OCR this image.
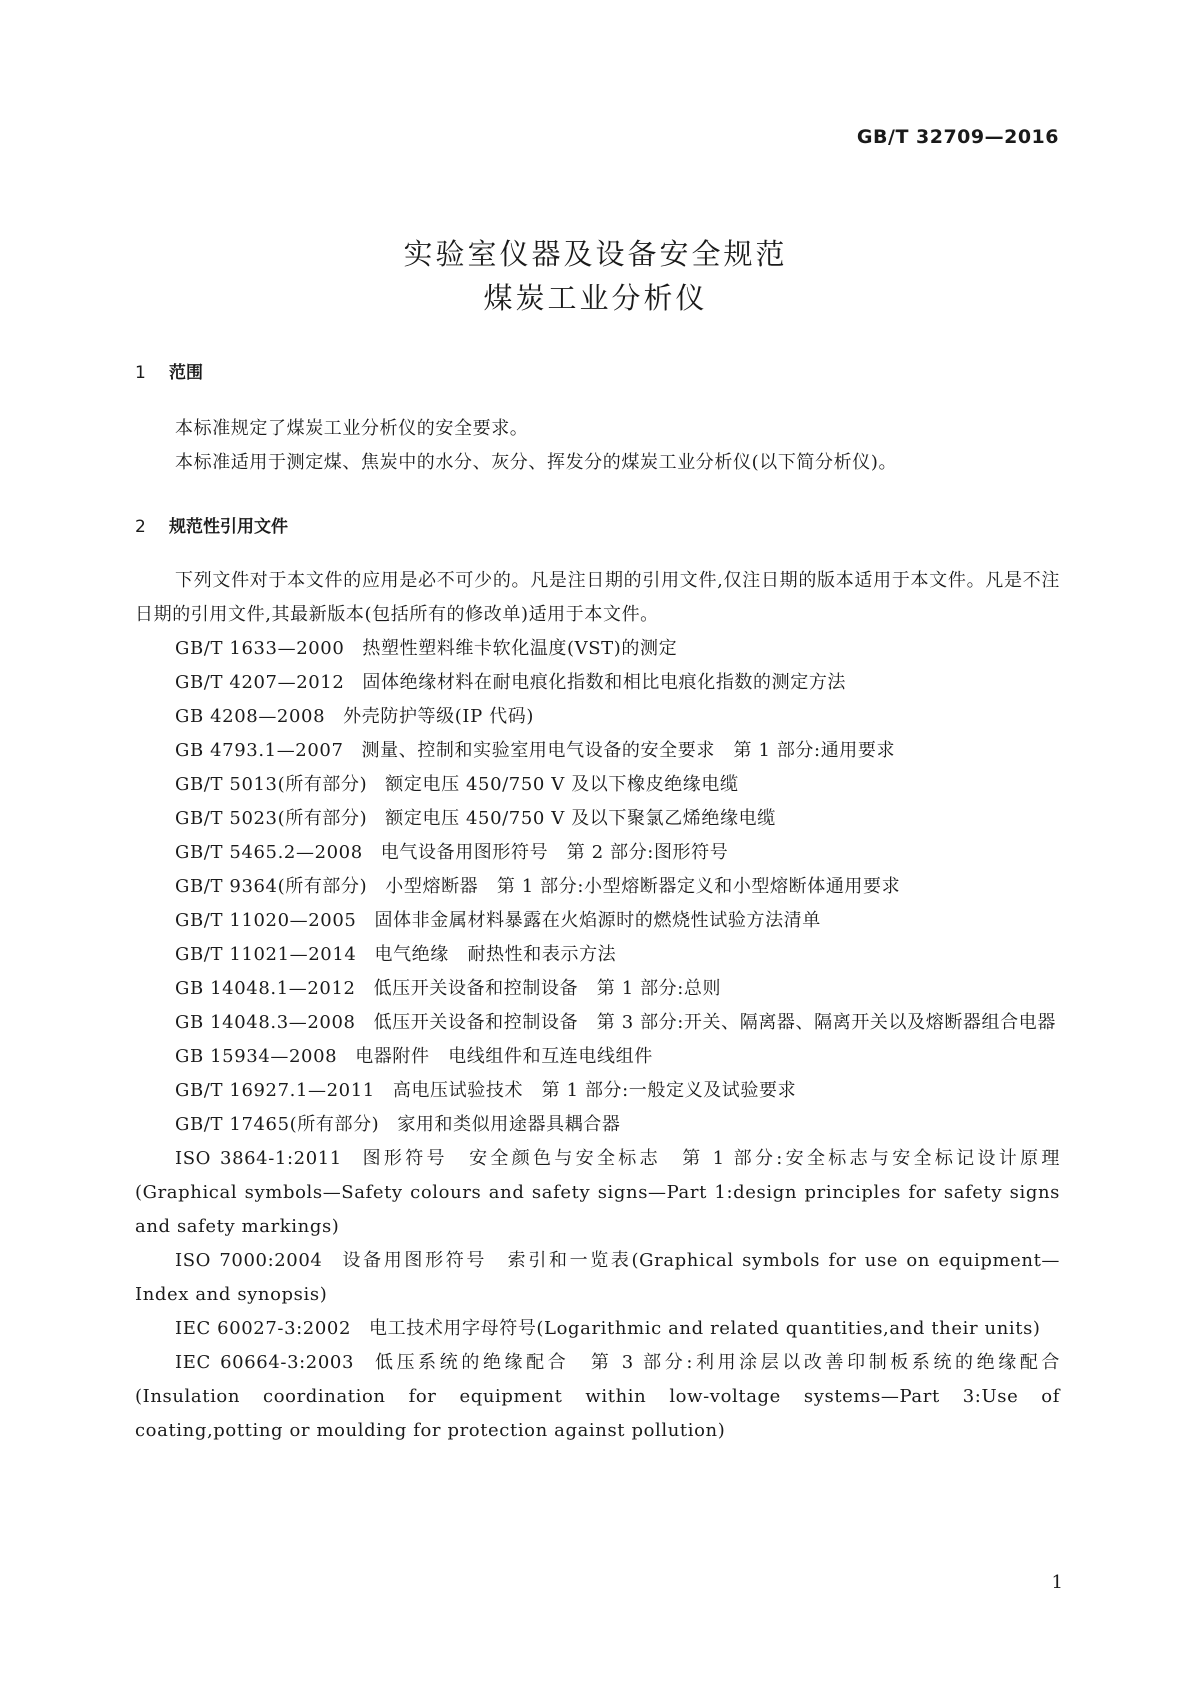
GB/T 32709—2016
实验室仪器及设备安全规范
煤炭工业分析仪
1 范围

本标准规定了煤炭工业分析仪的安全要求。

本标准适用于测定煤、焦炭中的水分、灰分、挥发分的煤炭工业分析仪(以下简分析仪)。

2 规范性引用文件

下列文件对于本文件的应用是必不可少的。凡是注日期的引用文件,仅注日期的版本适用于本文件。凡是不注日期的引用文件,其最新版本(包括所有的修改单)适用于本文件。

GB/T 1633—2000 热塑性塑料维卡软化温度(VST)的测定

GB/T 4207—2012 固体绝缘材料在耐电痕化指数和相比电痕化指数的测定方法

GB 4208—2008 外壳防护等级(IP 代码)

GB 4793.1—2007 测量、控制和实验室用电气设备的安全要求　第 1 部分:通用要求

GB/T 5013(所有部分) 额定电压 450/750 V 及以下橡皮绝缘电缆

GB/T 5023(所有部分) 额定电压 450/750 V 及以下聚氯乙烯绝缘电缆

GB/T 5465.2—2008 电气设备用图形符号　第 2 部分:图形符号

GB/T 9364(所有部分) 小型熔断器　第 1 部分:小型熔断器定义和小型熔断体通用要求

GB/T 11020—2005 固体非金属材料暴露在火焰源时的燃烧性试验方法清单

GB/T 11021—2014 电气绝缘　耐热性和表示方法

GB 14048.1—2012 低压开关设备和控制设备　第 1 部分:总则

GB 14048.3—2008 低压开关设备和控制设备　第 3 部分:开关、隔离器、隔离开关以及熔断器组合电器

GB 15934—2008 电器附件　电线组件和互连电线组件

GB/T 16927.1—2011 高电压试验技术　第 1 部分:一般定义及试验要求

GB/T 17465(所有部分) 家用和类似用途器具耦合器

ISO 3864-1:2011 图形符号　安全颜色与安全标志　第 1 部分:安全标志与安全标记设计原理(Graphical symbols—Safety colours and safety signs—Part 1:design principles for safety signs and safety markings)

ISO 7000:2004 设备用图形符号　索引和一览表(Graphical symbols for use on equipment—Index and synopsis)

IEC 60027-3:2002 电工技术用字母符号(Logarithmic and related quantities,and their units)

IEC 60664-3:2003 低压系统的绝缘配合　第 3 部分:利用涂层以改善印制板系统的绝缘配合(Insulation coordination for equipment within low-voltage systems—Part 3:Use of coating,potting or moulding for protection against pollution)

1
